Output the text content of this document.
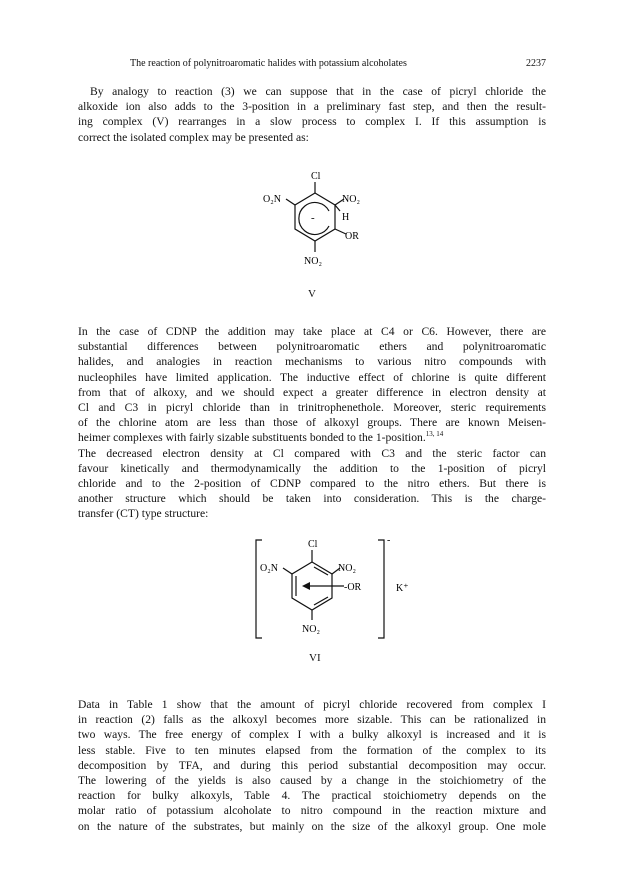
The reaction of polynitroaromatic halides with potassium alcoholates	2237

By analogy to reaction (3) we can suppose that in the case of picryl chloride the
alkoxide ion also adds to the 3-position in a preliminary fast step, and then the result-
ing complex (V) rearranges in a slow process to complex I. If this assumption is
correct the isolated complex may be presented as:

Cl
O₂N	NO₂
H
OR
NO₂
-
V

In the case of CDNP the addition may take place at C4 or C6. However, there are
substantial differences between polynitroaromatic ethers and polynitroaromatic
halides, and analogies in reaction mechanisms to various nitro compounds with
nucleophiles have limited application. The inductive effect of chlorine is quite different
from that of alkoxy, and we should expect a greater difference in electron density at
Cl and C3 in picryl chloride than in trinitrophenethole. Moreover, steric requirements
of the chlorine atom are less than those of alkoxyl groups. There are known Meisen-
heimer complexes with fairly sizable substituents bonded to the 1-position.$^{13, 14}$
The decreased electron density at Cl compared with C3 and the steric factor can
favour kinetically and thermodynamically the addition to the 1-position of picryl
chloride and to the 2-position of CDNP compared to the nitro ethers. But there is
another structure which should be taken into consideration. This is the charge-
transfer (CT) type structure:

Cl
O₂N	NO₂
-OR
NO₂
-
K⁺
VI

Data in Table 1 show that the amount of picryl chloride recovered from complex I
in reaction (2) falls as the alkoxyl becomes more sizable. This can be rationalized in
two ways. The free energy of complex I with a bulky alkoxyl is increased and it is
less stable. Five to ten minutes elapsed from the formation of the complex to its
decomposition by TFA, and during this period substantial decomposition may occur.
The lowering of the yields is also caused by a change in the stoichiometry of the
reaction for bulky alkoxyls, Table 4. The practical stoichiometry depends on the
molar ratio of potassium alcoholate to nitro compound in the reaction mixture and
on the nature of the substrates, but mainly on the size of the alkoxyl group. One mole
